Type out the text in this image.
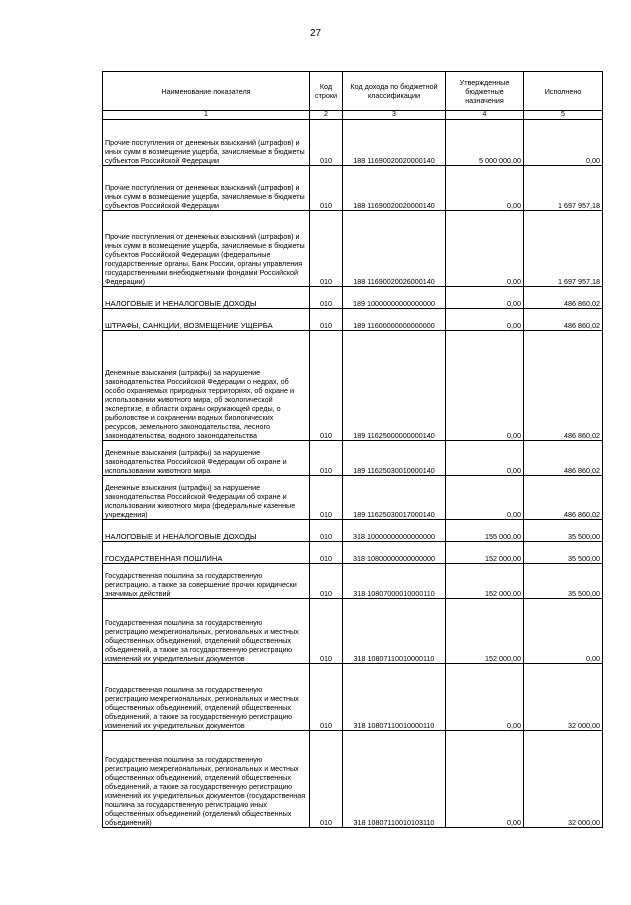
27
Наименование показателя	Код строки	Код дохода по бюджетной классификации	Утвержденные бюджетные назначения	Исполнено
1	2	3	4	5
Прочие поступления от денежных взысканий (штрафов) и иных сумм в возмещение ущерба, зачисляемые в бюджеты субъектов Российской Федерации	010	188 11690020020000140	5 000 000,00	0,00
Прочие поступления от денежных взысканий (штрафов) и иных сумм в возмещение ущерба, зачисляемые в бюджеты субъектов Российской Федерации	010	188 11690020020000140	0,00	1 697 957,18
Прочие поступления от денежных взысканий (штрафов) и иных сумм в возмещение ущерба, зачисляемые в бюджеты субъектов Российской Федерации (федеральные государственные органы, Банк России, органы управления государственными внебюджетными фондами Российской Федерации)	010	188 11690020026000140	0,00	1 697 957,18
НАЛОГОВЫЕ И НЕНАЛОГОВЫЕ ДОХОДЫ	010	189 10000000000000000	0,00	486 860,02
ШТРАФЫ, САНКЦИИ, ВОЗМЕЩЕНИЕ УЩЕРБА	010	189 11600000000000000	0,00	486 860,02
Денежные взыскания (штрафы) за нарушение законодательства Российской Федерации о недрах, об особо охраняемых природных территориях, об охране и использовании животного мира, об экологической экспертизе, в области охраны окружающей среды, о рыболовстве и сохранении водных биологических ресурсов, земельного законодательства, лесного законодательства, водного законодательства	010	189 11625000000000140	0,00	486 860,02
Денежные взыскания (штрафы) за нарушение законодательства Российской Федерации об охране и использовании животного мира	010	189 11625030010000140	0,00	486 860,02
Денежные взыскания (штрафы) за нарушение законодательства Российской Федерации об охране и использовании животного мира (федеральные казенные учреждения)	010	189 11625030017000140	0,00	486 860,02
НАЛОГОВЫЕ И НЕНАЛОГОВЫЕ ДОХОДЫ	010	318 10000000000000000	155 000,00	35 500,00
ГОСУДАРСТВЕННАЯ ПОШЛИНА	010	318 10800000000000000	152 000,00	35 500,00
Государственная пошлина за государственную регистрацию, а также за совершение прочих юридически значимых действий	010	318 10807000010000110	152 000,00	35 500,00
Государственная пошлина за государственную регистрацию межрегиональных, региональных и местных общественных объединений, отделений общественных объединений, а также за государственную регистрацию изменений их учредительных документов	010	318 10807110010000110	152 000,00	0,00
Государственная пошлина за государственную регистрацию межрегиональных, региональных и местных общественных объединений, отделений общественных объединений, а также за государственную регистрацию изменений их учредительных документов	010	318 10807110010000110	0,00	32 000,00
Государственная пошлина за государственную регистрацию межрегиональных, региональных и местных общественных объединений, отделений общественных объединений, а также за государственную регистрацию изменений их учредительных документов (государственная пошлина за государственную регистрацию иных общественных объединений (отделений общественных объединений)	010	318 10807110010103110	0,00	32 000,00
